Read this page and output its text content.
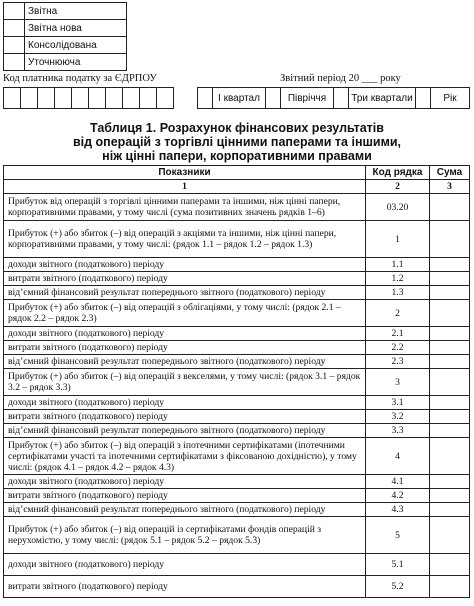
	Звітна
	Звітна нова
	Консолідована
	Уточнююча
Код платника податку за ЄДРПОУ
										Звітний період 20 ___ року
	І квартал		Півріччя		Три квартали		Рік
Таблиця 1. Розрахунок фінансових результатів
від операцій з торгівлі цінними паперами та іншими,
ніж цінні папери, корпоративними правами
Показники	Код рядка	Сума
1	2	3
Прибуток від операцій з торгівлі цінними паперами та іншими, ніж цінні папери, корпоративними правами, у тому числі (сума позитивних значень рядків 1–6)	03.20	
Прибуток (+) або збиток (–) від операцій з акціями та іншими, ніж цінні папери, корпоративними правами, у тому числі: (рядок 1.1 – рядок 1.2 – рядок 1.3)	1	
доходи звітного (податкового) періоду	1.1	
витрати звітного (податкового) періоду	1.2	
від’ємний фінансовий результат попереднього звітного (податкового) періоду	1.3	
Прибуток (+) або збиток (–) від операцій з облігаціями, у тому числі: (рядок 2.1 – рядок 2.2 – рядок 2.3)	2	
доходи звітного (податкового) періоду	2.1	
витрати звітного (податкового) періоду	2.2	
від’ємний фінансовий результат попереднього звітного (податкового) періоду	2.3	
Прибуток (+) або збиток (–) від операцій з векселями, у тому числі: (рядок 3.1 – рядок 3.2 – рядок 3.3)	3	
доходи звітного (податкового) періоду	3.1	
витрати звітного (податкового) періоду	3.2	
від’ємний фінансовий результат попереднього звітного (податкового) періоду	3.3	
Прибуток (+) або збиток (–) від операцій з іпотечними сертифікатами (іпотечними сертифікатами участі та іпотечними сертифікатами з фіксованою дохідністю), у тому числі: (рядок 4.1 – рядок 4.2 – рядок 4.3)	4	
доходи звітного (податкового) періоду	4.1	
витрати звітного (податкового) періоду	4.2	
від’ємний фінансовий результат попереднього звітного (податкового) періоду	4.3	
Прибуток (+) або збиток (–) від операцій із сертифікатами фондів операцій з нерухомістю, у тому числі: (рядок 5.1 – рядок 5.2 – рядок 5.3)	5	
доходи звітного (податкового) періоду	5.1	
витрати звітного (податкового) періоду	5.2	
